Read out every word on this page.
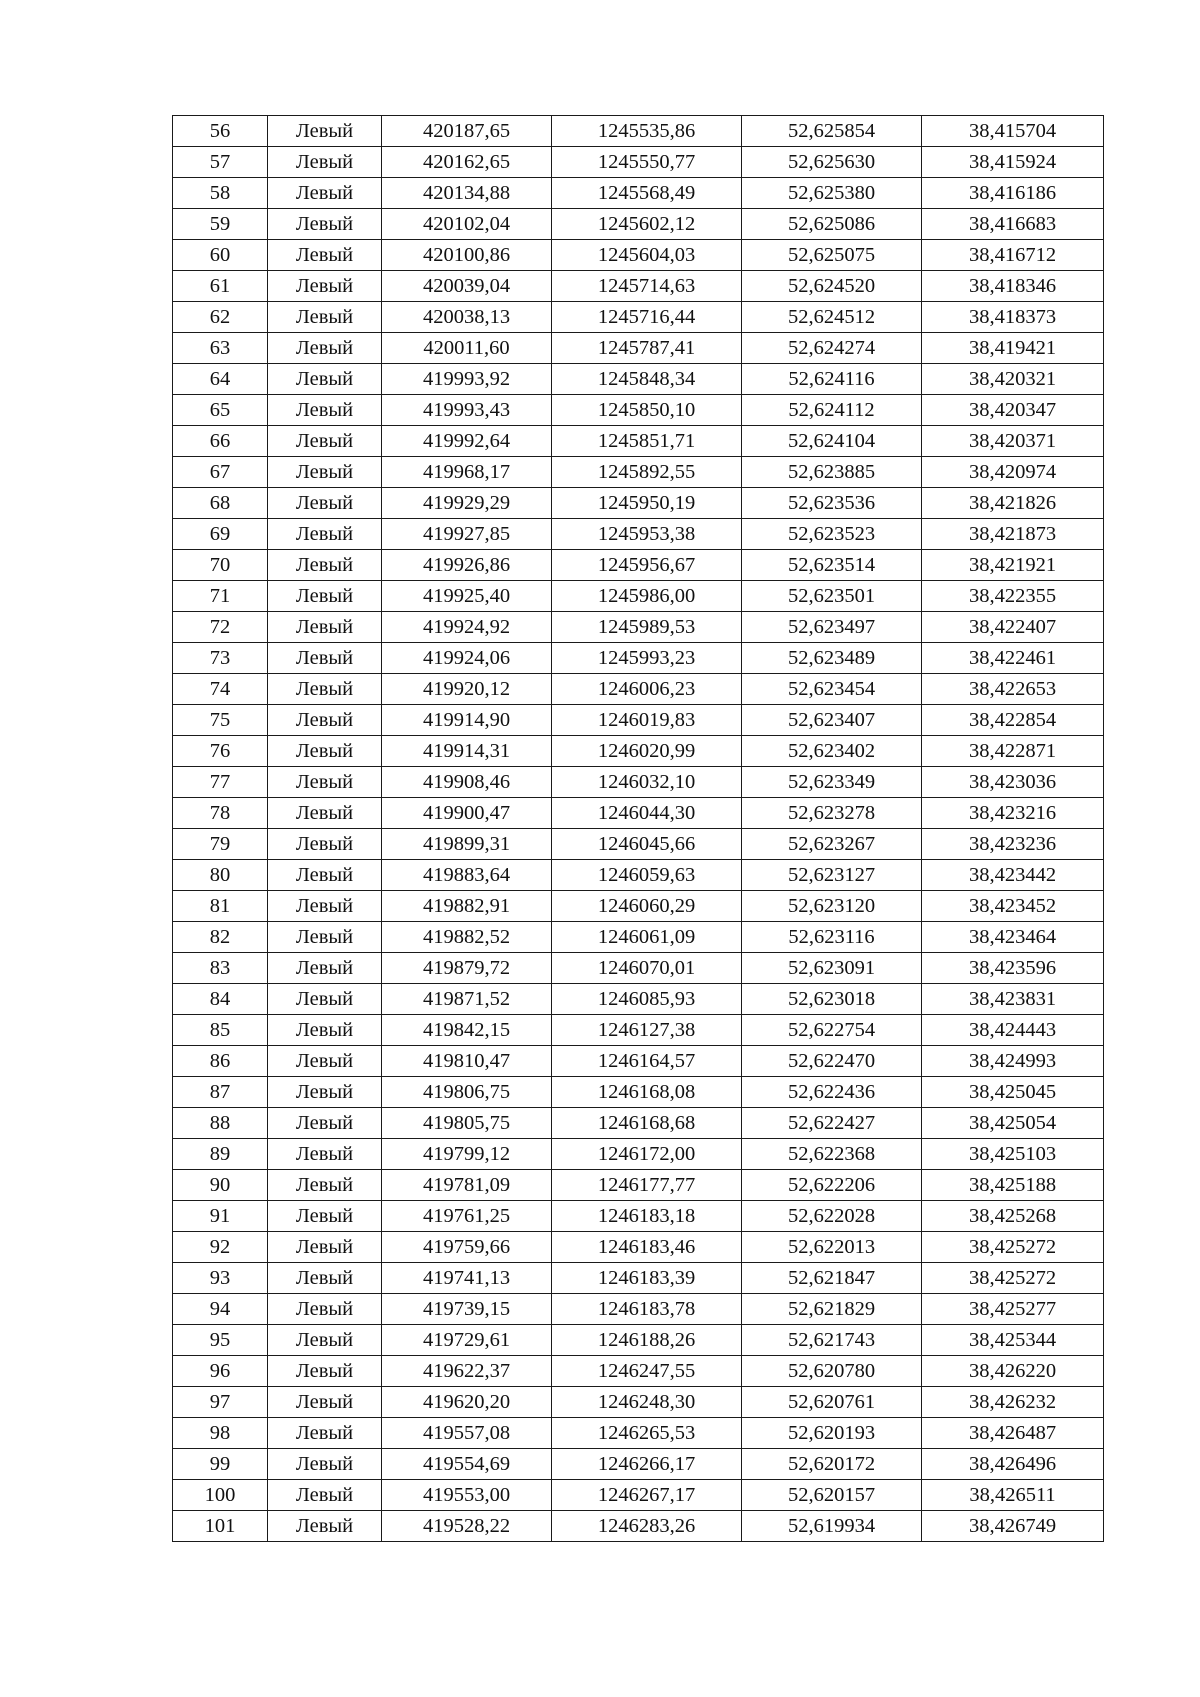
56	Левый	420187,65	1245535,86	52,625854	38,415704
57	Левый	420162,65	1245550,77	52,625630	38,415924
58	Левый	420134,88	1245568,49	52,625380	38,416186
59	Левый	420102,04	1245602,12	52,625086	38,416683
60	Левый	420100,86	1245604,03	52,625075	38,416712
61	Левый	420039,04	1245714,63	52,624520	38,418346
62	Левый	420038,13	1245716,44	52,624512	38,418373
63	Левый	420011,60	1245787,41	52,624274	38,419421
64	Левый	419993,92	1245848,34	52,624116	38,420321
65	Левый	419993,43	1245850,10	52,624112	38,420347
66	Левый	419992,64	1245851,71	52,624104	38,420371
67	Левый	419968,17	1245892,55	52,623885	38,420974
68	Левый	419929,29	1245950,19	52,623536	38,421826
69	Левый	419927,85	1245953,38	52,623523	38,421873
70	Левый	419926,86	1245956,67	52,623514	38,421921
71	Левый	419925,40	1245986,00	52,623501	38,422355
72	Левый	419924,92	1245989,53	52,623497	38,422407
73	Левый	419924,06	1245993,23	52,623489	38,422461
74	Левый	419920,12	1246006,23	52,623454	38,422653
75	Левый	419914,90	1246019,83	52,623407	38,422854
76	Левый	419914,31	1246020,99	52,623402	38,422871
77	Левый	419908,46	1246032,10	52,623349	38,423036
78	Левый	419900,47	1246044,30	52,623278	38,423216
79	Левый	419899,31	1246045,66	52,623267	38,423236
80	Левый	419883,64	1246059,63	52,623127	38,423442
81	Левый	419882,91	1246060,29	52,623120	38,423452
82	Левый	419882,52	1246061,09	52,623116	38,423464
83	Левый	419879,72	1246070,01	52,623091	38,423596
84	Левый	419871,52	1246085,93	52,623018	38,423831
85	Левый	419842,15	1246127,38	52,622754	38,424443
86	Левый	419810,47	1246164,57	52,622470	38,424993
87	Левый	419806,75	1246168,08	52,622436	38,425045
88	Левый	419805,75	1246168,68	52,622427	38,425054
89	Левый	419799,12	1246172,00	52,622368	38,425103
90	Левый	419781,09	1246177,77	52,622206	38,425188
91	Левый	419761,25	1246183,18	52,622028	38,425268
92	Левый	419759,66	1246183,46	52,622013	38,425272
93	Левый	419741,13	1246183,39	52,621847	38,425272
94	Левый	419739,15	1246183,78	52,621829	38,425277
95	Левый	419729,61	1246188,26	52,621743	38,425344
96	Левый	419622,37	1246247,55	52,620780	38,426220
97	Левый	419620,20	1246248,30	52,620761	38,426232
98	Левый	419557,08	1246265,53	52,620193	38,426487
99	Левый	419554,69	1246266,17	52,620172	38,426496
100	Левый	419553,00	1246267,17	52,620157	38,426511
101	Левый	419528,22	1246283,26	52,619934	38,426749
